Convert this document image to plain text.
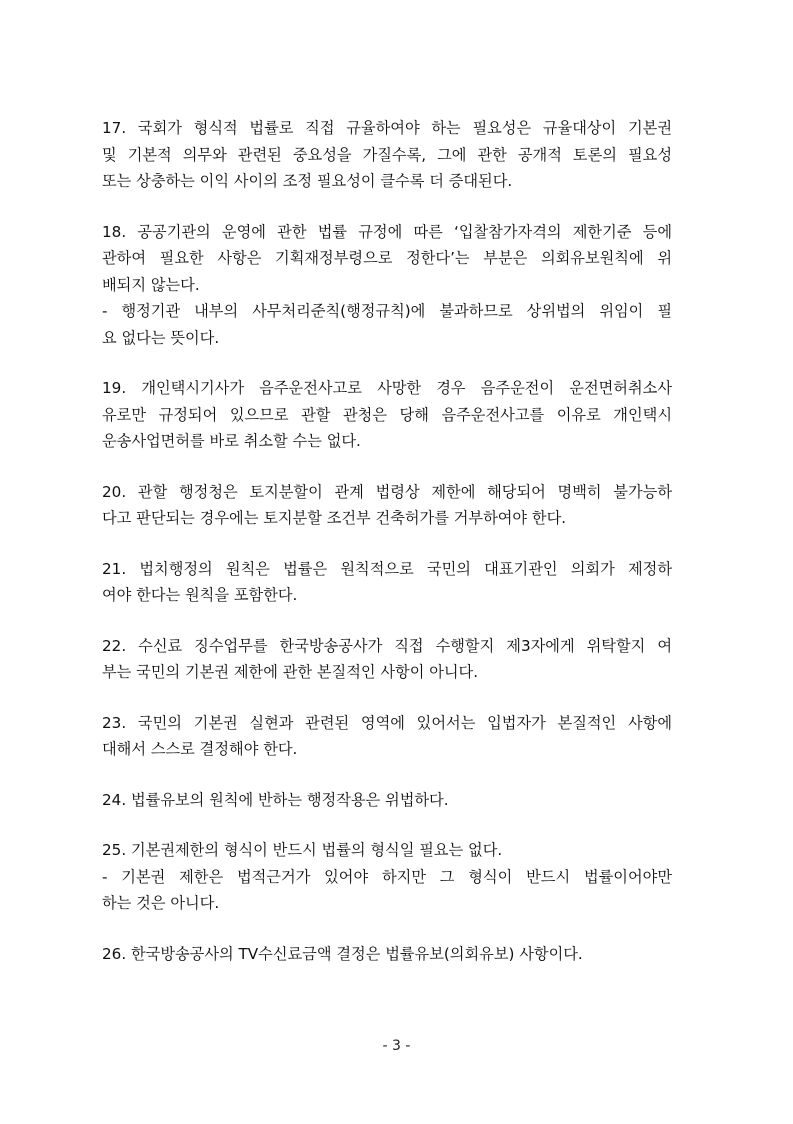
17. 국회가 형식적 법률로 직접 규율하여야 하는 필요성은 규율대상이 기본권
및 기본적 의무와 관련된 중요성을 가질수록, 그에 관한 공개적 토론의 필요성
또는 상충하는 이익 사이의 조정 필요성이 클수록 더 증대된다.
18. 공공기관의 운영에 관한 법률 규정에 따른 ‘입찰참가자격의 제한기준 등에
관하여 필요한 사항은 기획재정부령으로 정한다’는 부분은 의회유보원칙에 위
배되지 않는다.
- 행정기관 내부의 사무처리준칙(행정규칙)에 불과하므로 상위법의 위임이 필
요 없다는 뜻이다.
19. 개인택시기사가 음주운전사고로 사망한 경우 음주운전이 운전면허취소사
유로만 규정되어 있으므로 관할 관청은 당해 음주운전사고를 이유로 개인택시
운송사업면허를 바로 취소할 수는 없다.
20. 관할 행정청은 토지분할이 관계 법령상 제한에 해당되어 명백히 불가능하
다고 판단되는 경우에는 토지분할 조건부 건축허가를 거부하여야 한다.
21. 법치행정의 원칙은 법률은 원칙적으로 국민의 대표기관인 의회가 제정하
여야 한다는 원칙을 포함한다.
22. 수신료 징수업무를 한국방송공사가 직접 수행할지 제3자에게 위탁할지 여
부는 국민의 기본권 제한에 관한 본질적인 사항이 아니다.
23. 국민의 기본권 실현과 관련된 영역에 있어서는 입법자가 본질적인 사항에
대해서 스스로 결정해야 한다.
24. 법률유보의 원칙에 반하는 행정작용은 위법하다.
25. 기본권제한의 형식이 반드시 법률의 형식일 필요는 없다.
- 기본권 제한은 법적근거가 있어야 하지만 그 형식이 반드시 법률이어야만
하는 것은 아니다.
26. 한국방송공사의 TV수신료금액 결정은 법률유보(의회유보) 사항이다.
- 3 -
